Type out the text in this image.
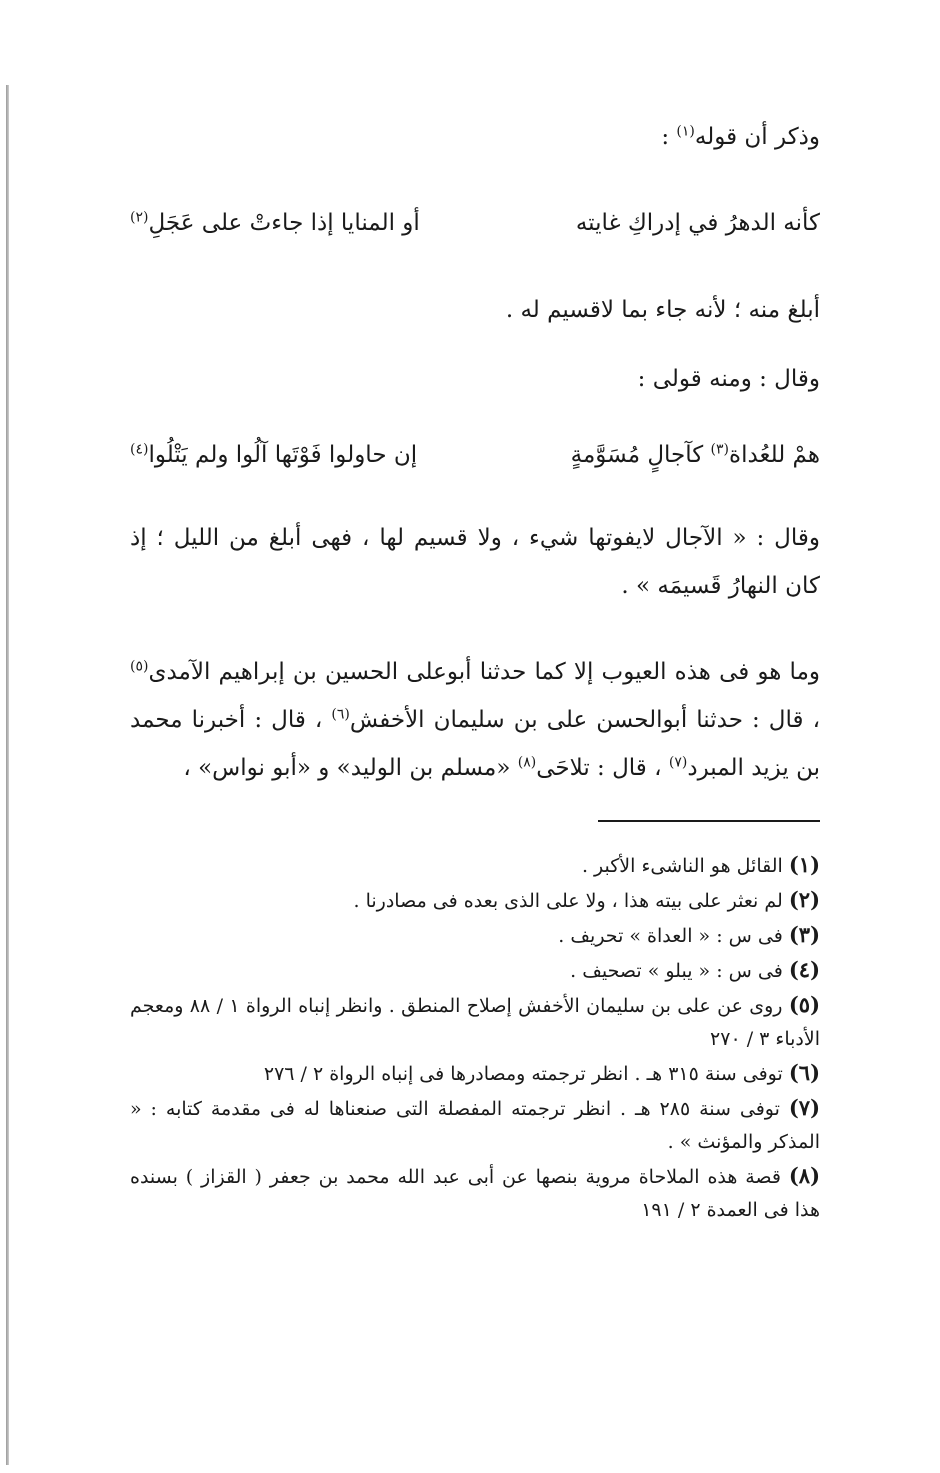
وذكر أن قوله$^{(١)}$ :
كأنه الدهرُ في إدراكِ غايته
أو المنايا إذا جاءتْ على عَجَلِ$^{(٢)}$
أبلغ منه ؛ لأنه جاء بما لاقسيم له .
وقال : ومنه قولى :
همْ للعُداة$^{(٣)}$ كآجالٍ مُسَوَّمةٍ
إن حاولوا فَوْتَها آلُوا ولم يَتْلُوا$^{(٤)}$
وقال : « الآجال لايفوتها شيء ، ولا قسيم لها ، فهى أبلغ من الليل ؛ إذ كان النهارُ قَسيمَه » .
وما هو فى هذه العيوب إلا كما حدثنا أبوعلى الحسين بن إبراهيم الآمدى$^{(٥)}$ ، قال : حدثنا أبوالحسن على بن سليمان الأخفش$^{(٦)}$ ، قال : أخبرنا محمد بن يزيد المبرد$^{(٧)}$ ، قال : تلاحَى$^{(٨)}$ «مسلم بن الوليد» و «أبو نواس» ،

(١) القائل هو الناشىء الأكبر .

(٢) لم نعثر على بيته هذا ، ولا على الذى بعده فى مصادرنا .

(٣) فى س : « العداة » تحريف .

(٤) فى س : « يبلو » تصحيف .

(٥) روى عن على بن سليمان الأخفش إصلاح المنطق . وانظر إنباه الرواة ١ / ٨٨ ومعجم الأدباء ٣ / ٢٧٠

(٦) توفى سنة ٣١٥ هـ . انظر ترجمته ومصادرها فى إنباه الرواة ٢ / ٢٧٦

(٧) توفى سنة ٢٨٥ هـ . انظر ترجمته المفصلة التى صنعناها له فى مقدمة كتابه : « المذكر والمؤنث » .

(٨) قصة هذه الملاحاة مروية بنصها عن أبى عبد الله محمد بن جعفر ( القزاز ) بسنده هذا فى العمدة ٢ / ١٩١
